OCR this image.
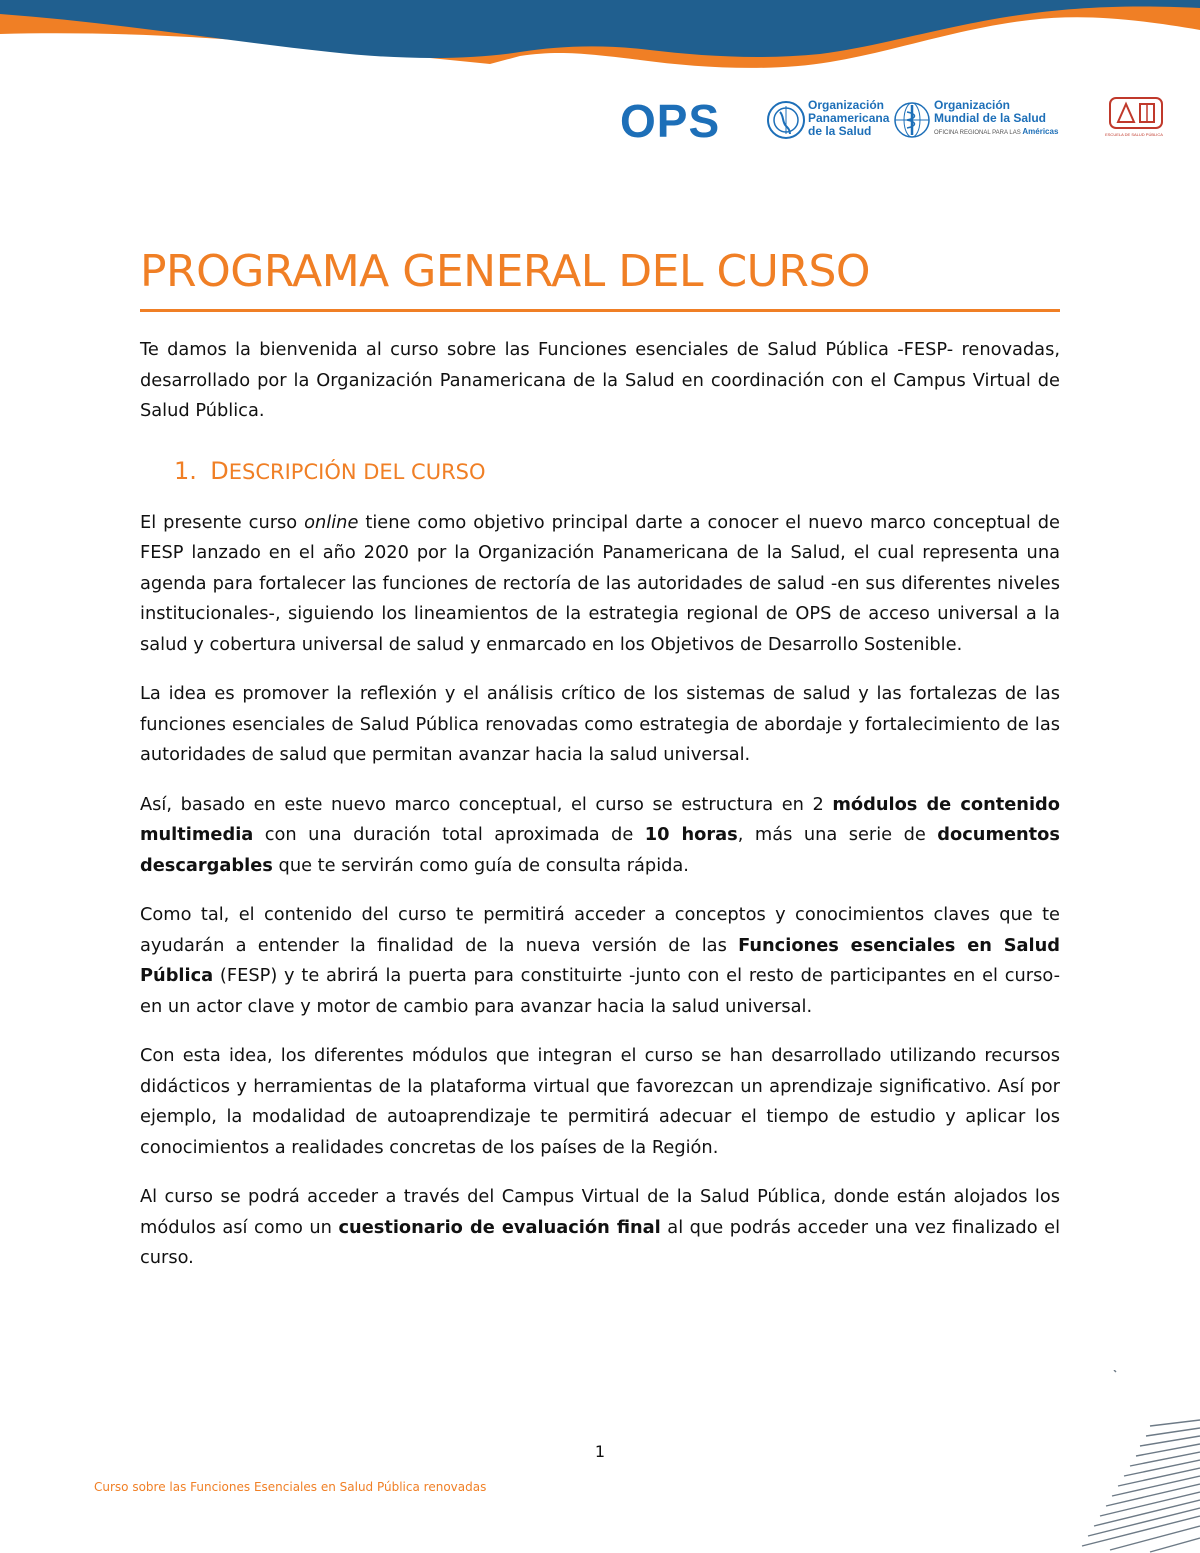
OPS	Organización
Panamericana
de la Salud
Organización
Mundial de la Salud
OFICINA REGIONAL PARA LAS Américas	ESCUELA DE SALUD PÚBLICA
PROGRAMA GENERAL DEL CURSO

Te damos la bienvenida al curso sobre las Funciones esenciales de Salud Pública -FESP- renovadas, desarrollado por la Organización Panamericana de la Salud en coordinación con el Campus Virtual de Salud Pública.

1. DESCRIPCIÓN DEL CURSO

El presente curso online tiene como objetivo principal darte a conocer el nuevo marco conceptual de FESP lanzado en el año 2020 por la Organización Panamericana de la Salud, el cual representa una agenda para fortalecer las funciones de rectoría de las autoridades de salud -en sus diferentes niveles institucionales-, siguiendo los lineamientos de la estrategia regional de OPS de acceso universal a la salud y cobertura universal de salud y enmarcado en los Objetivos de Desarrollo Sostenible.

La idea es promover la reflexión y el análisis crítico de los sistemas de salud y las fortalezas de las funciones esenciales de Salud Pública renovadas como estrategia de abordaje y fortalecimiento de las autoridades de salud que permitan avanzar hacia la salud universal.

Así, basado en este nuevo marco conceptual, el curso se estructura en 2 módulos de contenido multimedia con una duración total aproximada de 10 horas, más una serie de documentos descargables que te servirán como guía de consulta rápida.

Como tal, el contenido del curso te permitirá acceder a conceptos y conocimientos claves que te ayudarán a entender la finalidad de la nueva versión de las Funciones esenciales en Salud Pública (FESP) y te abrirá la puerta para constituirte -junto con el resto de participantes en el curso- en un actor clave y motor de cambio para avanzar hacia la salud universal.

Con esta idea, los diferentes módulos que integran el curso se han desarrollado utilizando recursos didácticos y herramientas de la plataforma virtual que favorezcan un aprendizaje significativo. Así por ejemplo, la modalidad de autoaprendizaje te permitirá adecuar el tiempo de estudio y aplicar los conocimientos a realidades concretas de los países de la Región.

Al curso se podrá acceder a través del Campus Virtual de la Salud Pública, donde están alojados los módulos así como un cuestionario de evaluación final al que podrás acceder una vez finalizado el curso.

1
Curso sobre las Funciones Esenciales en Salud Pública renovadas
